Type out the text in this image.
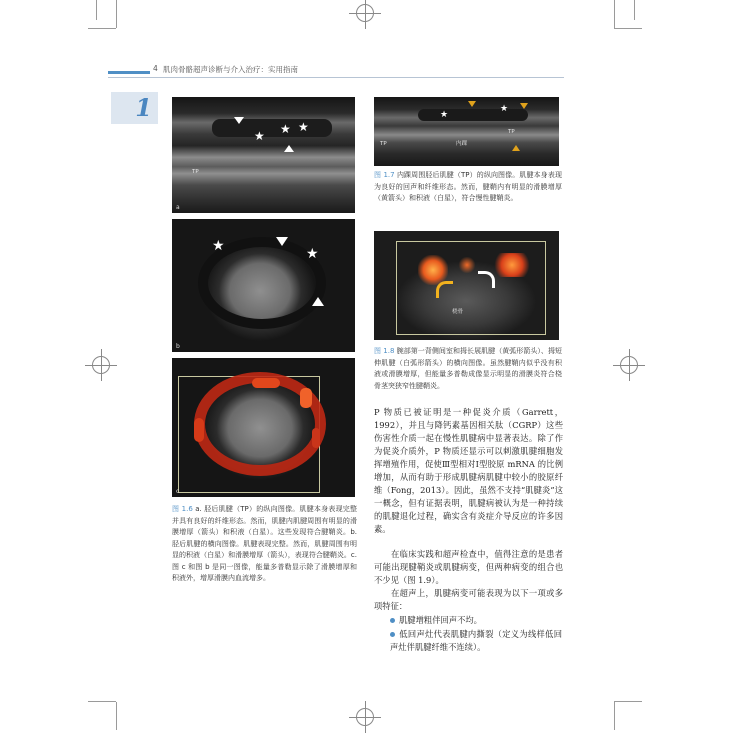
4 肌肉骨骼超声诊断与介入治疗：实用指南
1
★ ★ ★
TP
a
★	★
b
c
图 1.6 a. 胫后肌腱（TP）的纵向图像。肌腱本身表现完整并具有良好的纤维形态。然而，肌腱内肌腱周围有明显的滑膜增厚（箭头）和积液（白星）。这些发现符合腱鞘炎。b. 胫后肌腱的横向图像。肌腱表现完整。然而，肌腱周围有明显的积液（白星）和滑膜增厚（箭头），表现符合腱鞘炎。c. 图 c 和图 b 是同一图像，能量多普勒显示除了滑膜增厚和积液外，增厚滑膜内血流增多。
★
★
TP	内踝
TP
图 1.7 内踝周围胫后肌腱（TP）的纵向图像。肌腱本身表现为良好的回声和纤维形态。然而，腱鞘内有明显的滑膜增厚（黄箭头）和积液（白星），符合慢性腱鞘炎。
桡骨
图 1.8 腕部第一背侧间室和拇长展肌腱（黄弧形箭头）、拇短伸肌腱（白弧形箭头）的横向图像。虽然腱鞘内似乎没有积液或滑膜增厚，但能量多普勒成像显示明显的滑膜炎符合桡骨茎突狭窄性腱鞘炎。
P 物质已被证明是一种促炎介质（Garrett，1992），并且与降钙素基因相关肽（CGRP）这些伤害性介质一起在慢性肌腱病中显著表达。除了作为促炎介质外，P 物质还显示可以刺激肌腱细胞发挥增殖作用，促使Ⅲ型相对Ⅰ型胶原 mRNA 的比例增加，从而有助于形成肌腱病肌腱中较小的胶原纤维（Fong，2013）。因此，虽然不支持“肌腱炎”这一概念，但有证据表明，肌腱病被认为是一种持续的肌腱退化过程，确实含有炎症介导反应的许多因素。
在临床实践和超声检查中，值得注意的是患者可能出现腱鞘炎或肌腱病变，但两种病变的组合也不少见（图 1.9）。
在超声上，肌腱病变可能表现为以下一项或多项特征：
肌腱增粗伴回声不均。
低回声灶代表肌腱内撕裂（定义为线样低回声灶伴肌腱纤维不连续）。
